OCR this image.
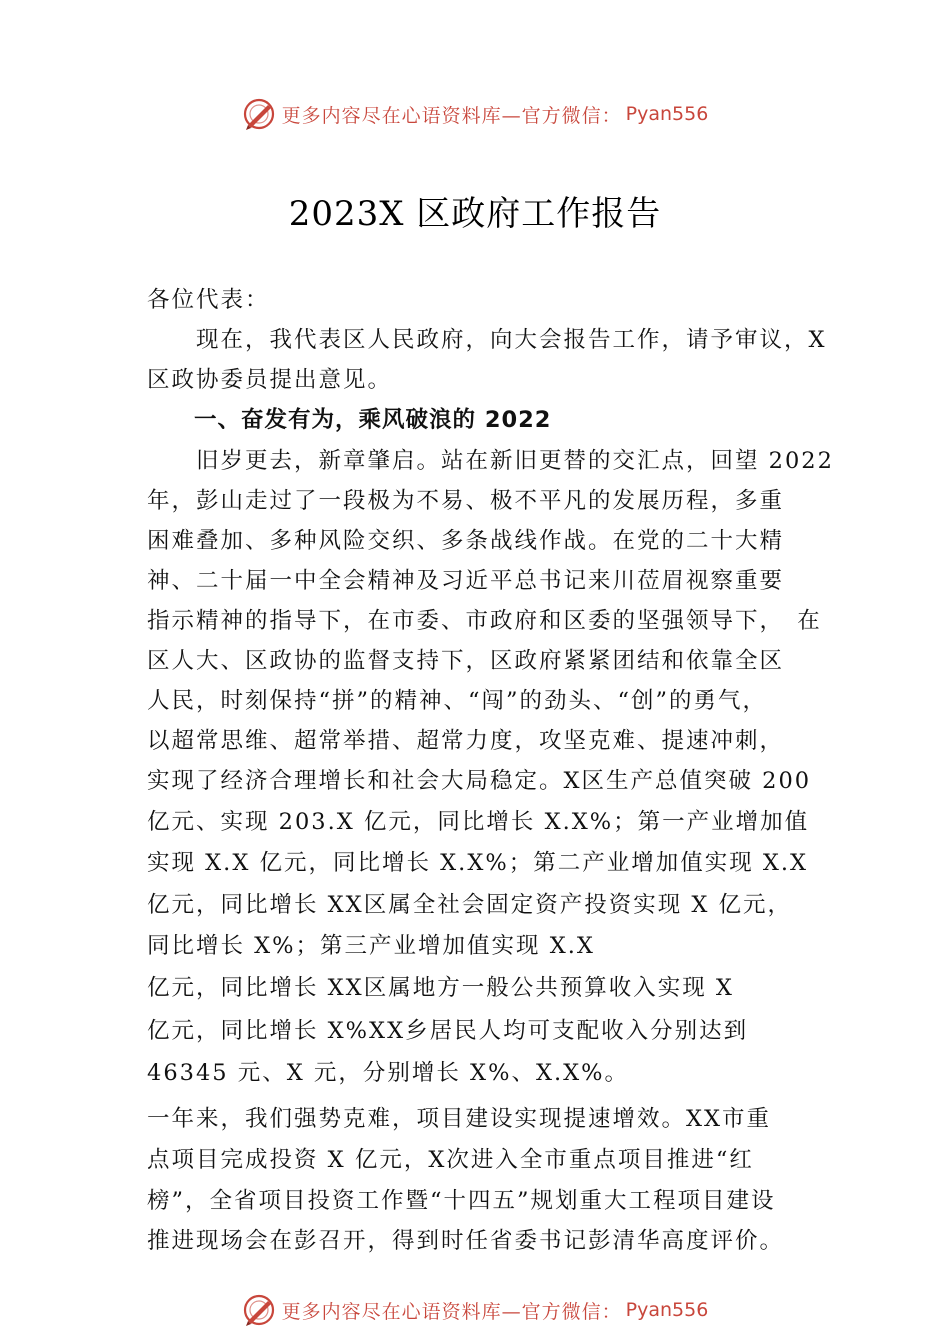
更多内容尽在心语资料库—官方微信： Pyan556
2023X 区政府工作报告
各位代表：
　　现在，我代表区人民政府，向大会报告工作，请予审议，X
区政协委员提出意见。
　　一、奋发有为，乘风破浪的 2022
　　旧岁更去，新章肇启。站在新旧更替的交汇点，回望 2022
年，彭山走过了一段极为不易、极不平凡的发展历程，多重
困难叠加、多种风险交织、多条战线作战。在党的二十大精
神、二十届一中全会精神及习近平总书记来川莅眉视察重要
指示精神的指导下，在市委、市政府和区委的坚强领导下，　在
区人大、区政协的监督支持下，区政府紧紧团结和依靠全区
人民，时刻保持“拼”的精神、“闯”的劲头、“创”的勇气，
以超常思维、超常举措、超常力度，攻坚克难、提速冲刺，
实现了经济合理增长和社会大局稳定。X区生产总值突破 200
亿元、实现 203.X 亿元，同比增长 X.X%；第一产业增加值
实现 X.X 亿元，同比增长 X.X%；第二产业增加值实现 X.X
亿元，同比增长 XX区属全社会固定资产投资实现 X 亿元，
同比增长 X%；第三产业增加值实现 X.X
亿元，同比增长 XX区属地方一般公共预算收入实现 X
亿元，同比增长 X%XX乡居民人均可支配收入分别达到
46345 元、X 元，分别增长 X%、X.X%。
一年来，我们强势克难，项目建设实现提速增效。XX市重
点项目完成投资 X 亿元，X次进入全市重点项目推进“红
榜”，全省项目投资工作暨“十四五”规划重大工程项目建设
推进现场会在彭召开，得到时任省委书记彭清华高度评价。
更多内容尽在心语资料库—官方微信： Pyan556
